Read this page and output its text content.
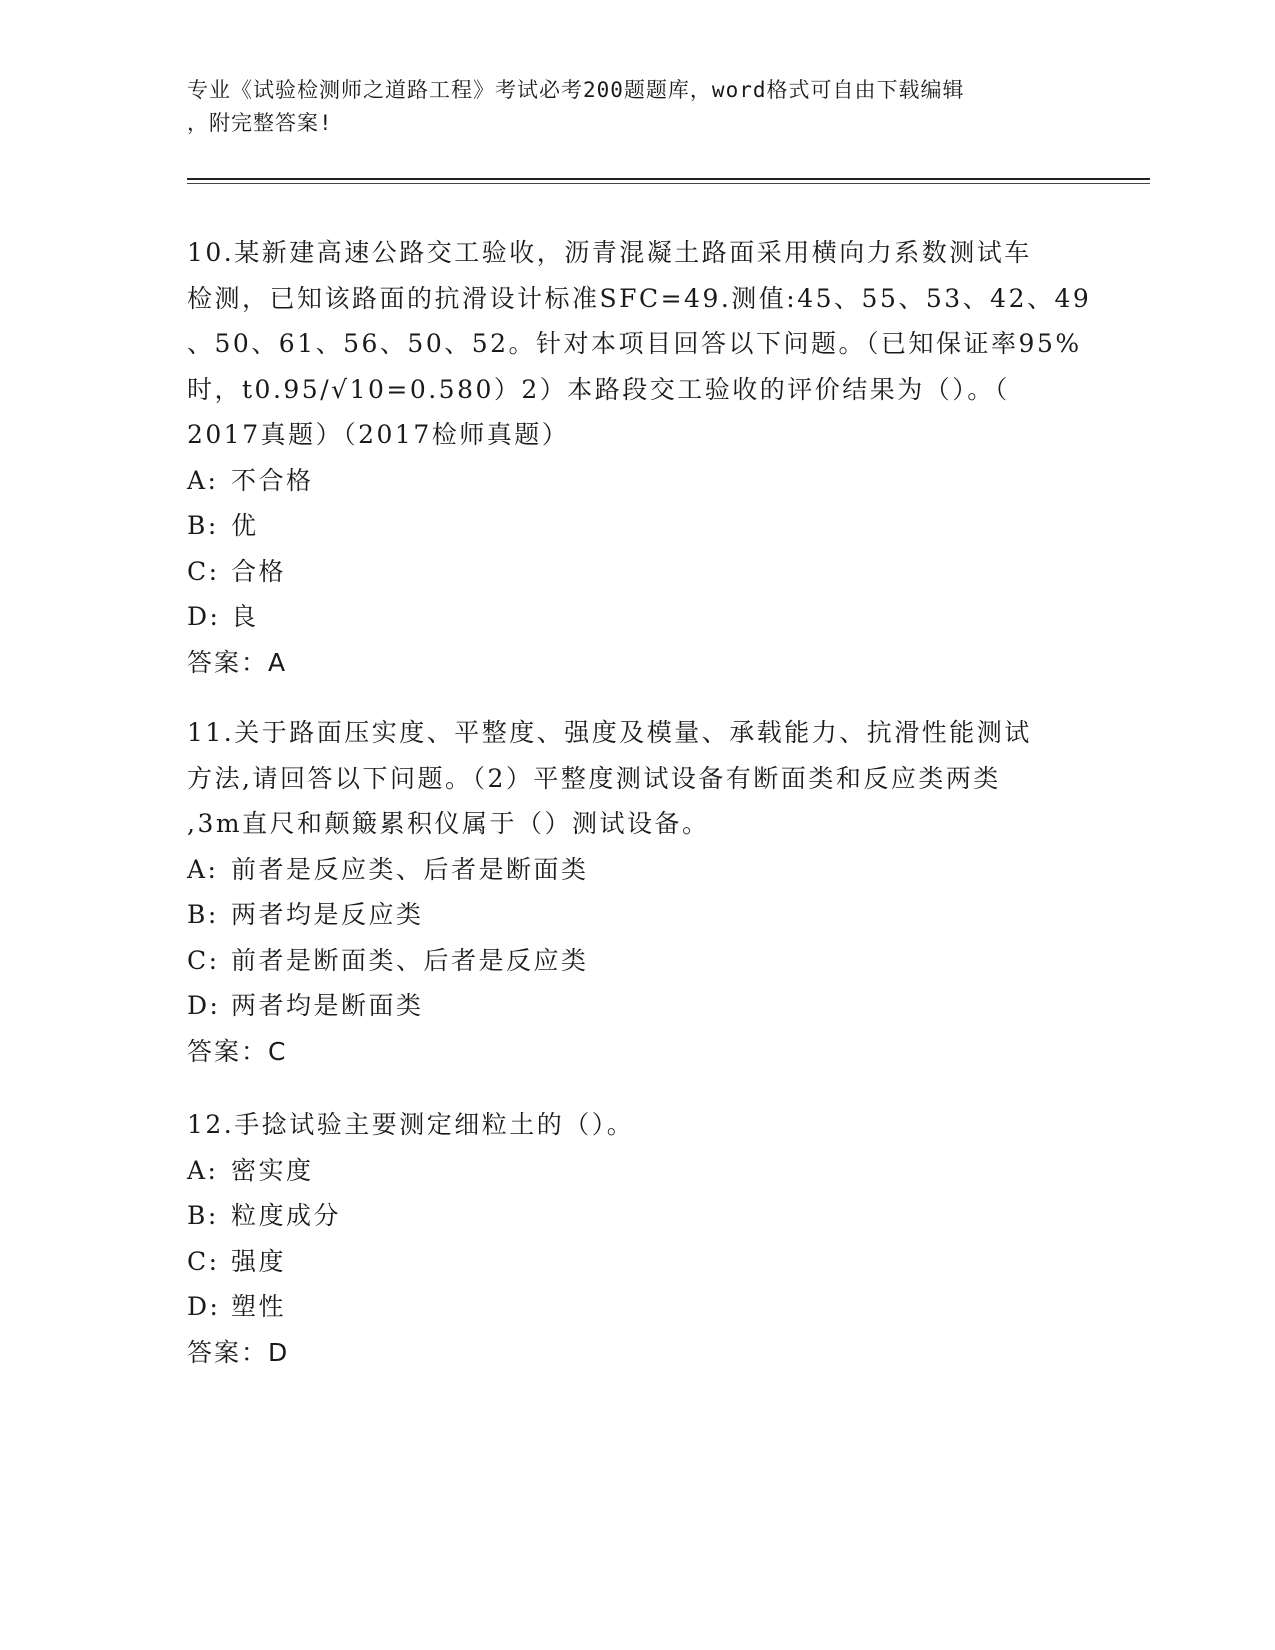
专业《试验检测师之道路工程》考试必考200题题库，word格式可自由下载编辑
，附完整答案!
10.某新建高速公路交工验收，沥青混凝土路面采用横向力系数测试车
检测，已知该路面的抗滑设计标准SFC=49.测值:45、55、53、42、49
、50、61、56、50、52。针对本项目回答以下问题。（已知保证率95%
时，t0.95/√10=0.580）2）本路段交工验收的评价结果为（）。（
2017真题）（2017检师真题）
A: 不合格
B: 优
C: 合格
D: 良
答案：A
11.关于路面压实度、平整度、强度及模量、承载能力、抗滑性能测试
方法,请回答以下问题。（2）平整度测试设备有断面类和反应类两类
,3m直尺和颠簸累积仪属于（）测试设备。
A: 前者是反应类、后者是断面类
B: 两者均是反应类
C: 前者是断面类、后者是反应类
D: 两者均是断面类
答案：C
12.手捻试验主要测定细粒土的（）。
A: 密实度
B: 粒度成分
C: 强度
D: 塑性
答案：D
